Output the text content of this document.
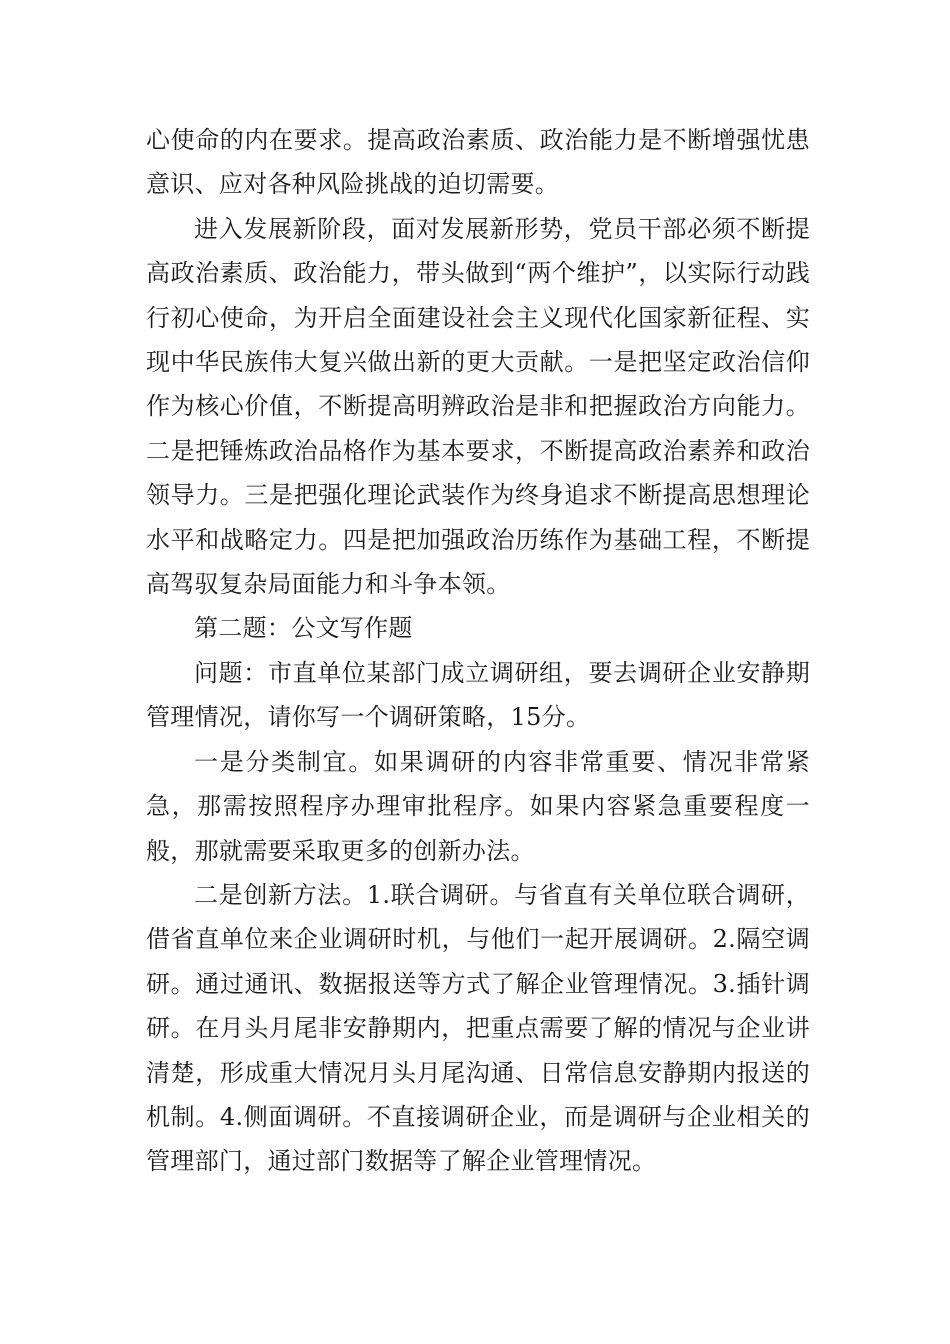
心使命的内在要求。提高政治素质、政治能力是不断增强忧患意识、应对各种风险挑战的迫切需要。

进入发展新阶段，面对发展新形势，党员干部必须不断提高政治素质、政治能力，带头做到“两个维护”，以实际行动践行初心使命，为开启全面建设社会主义现代化国家新征程、实现中华民族伟大复兴做出新的更大贡献。一是把坚定政治信仰作为核心价值，不断提高明辨政治是非和把握政治方向能力。二是把锤炼政治品格作为基本要求，不断提高政治素养和政治领导力。三是把强化理论武装作为终身追求不断提高思想理论水平和战略定力。四是把加强政治历练作为基础工程，不断提高驾驭复杂局面能力和斗争本领。

第二题：公文写作题

问题：市直单位某部门成立调研组，要去调研企业安静期管理情况，请你写一个调研策略，15分。

一是分类制宜。如果调研的内容非常重要、情况非常紧急，那需按照程序办理审批程序。如果内容紧急重要程度一般，那就需要采取更多的创新办法。

二是创新方法。1.联合调研。与省直有关单位联合调研，借省直单位来企业调研时机，与他们一起开展调研。2.隔空调研。通过通讯、数据报送等方式了解企业管理情况。3.插针调研。在月头月尾非安静期内，把重点需要了解的情况与企业讲清楚，形成重大情况月头月尾沟通、日常信息安静期内报送的机制。4.侧面调研。不直接调研企业，而是调研与企业相关的管理部门，通过部门数据等了解企业管理情况。
